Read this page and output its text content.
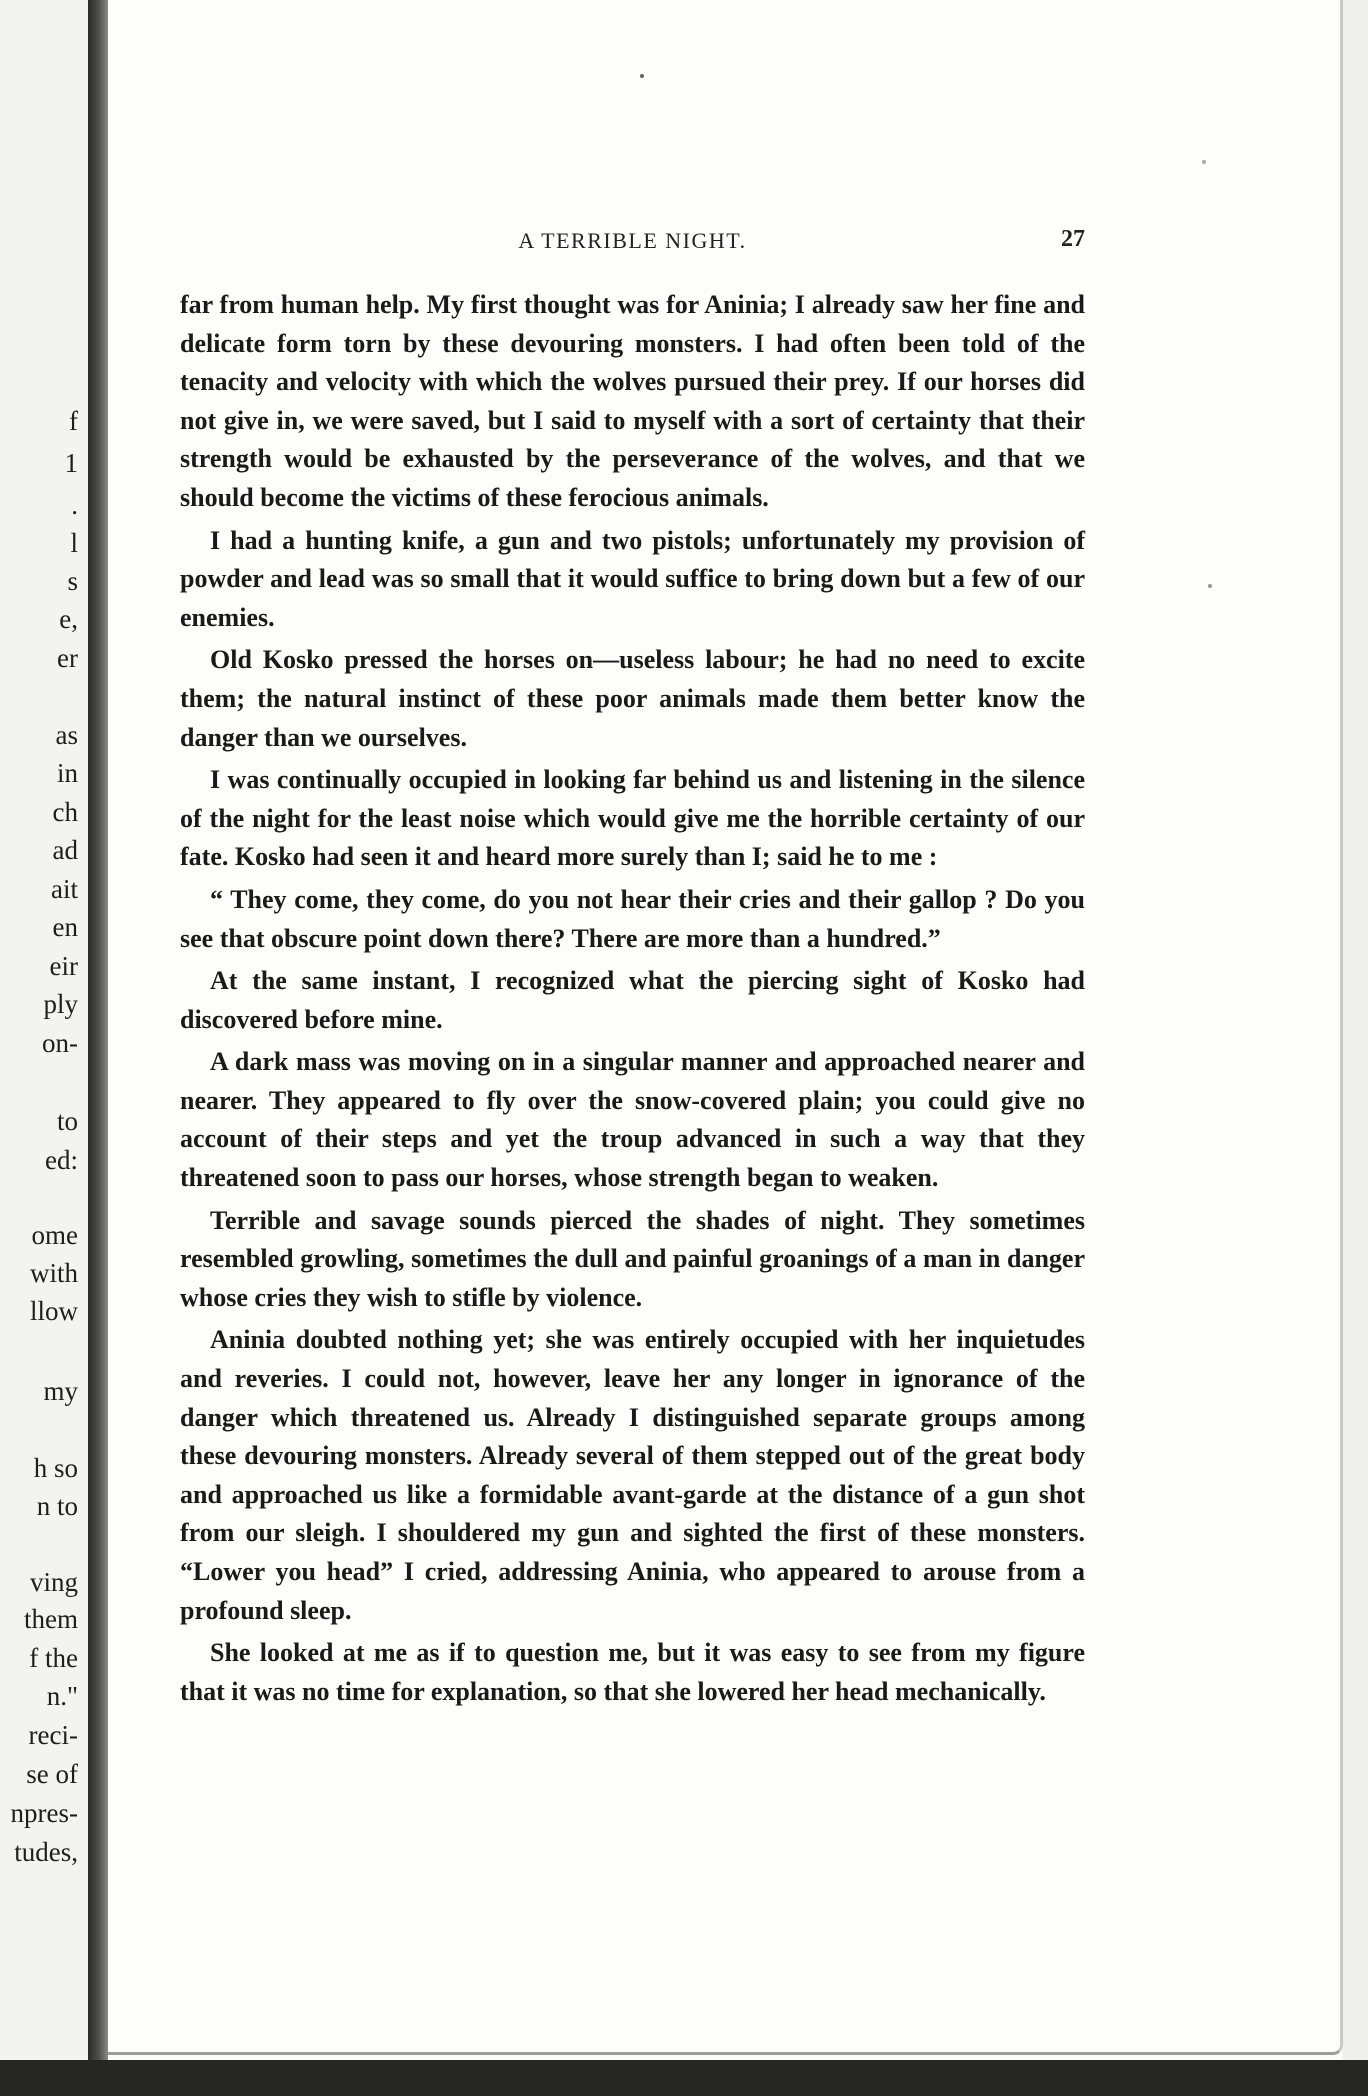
f

1

.

l

s

e,

er

as

in

ch

ad

ait

en

eir

ply

on-

to

ed:

ome

with

llow

my

h so

n to

ving

them

f the

n."

reci-

se of

npres-

tudes,

A TERRIBLE NIGHT.	27

far from human help. My first thought was for Aninia; I already saw her fine and delicate form torn by these devouring monsters. I had often been told of the tenacity and velocity with which the wolves pursued their prey. If our horses did not give in, we were saved, but I said to myself with a sort of certainty that their strength would be exhausted by the perseverance of the wolves, and that we should become the victims of these ferocious animals.

I had a hunting knife, a gun and two pistols; unfortunately my provision of powder and lead was so small that it would suffice to bring down but a few of our enemies.

Old Kosko pressed the horses on—useless labour; he had no need to excite them; the natural instinct of these poor animals made them better know the danger than we ourselves.

I was continually occupied in looking far behind us and listening in the silence of the night for the least noise which would give me the horrible certainty of our fate. Kosko had seen it and heard more surely than I; said he to me :

“ They come, they come, do you not hear their cries and their gallop ? Do you see that obscure point down there? There are more than a hundred.”

At the same instant, I recognized what the piercing sight of Kosko had discovered before mine.

A dark mass was moving on in a singular manner and approached nearer and nearer. They appeared to fly over the snow-covered plain; you could give no account of their steps and yet the troup advanced in such a way that they threatened soon to pass our horses, whose strength began to weaken.

Terrible and savage sounds pierced the shades of night. They sometimes resembled growling, sometimes the dull and painful groanings of a man in danger whose cries they wish to stifle by violence.

Aninia doubted nothing yet; she was entirely occupied with her inquietudes and reveries. I could not, however, leave her any longer in ignorance of the danger which threatened us. Already I distinguished separate groups among these devouring monsters. Already several of them stepped out of the great body and approached us like a formidable avant-garde at the distance of a gun shot from our sleigh. I shouldered my gun and sighted the first of these monsters. “Lower you head” I cried, addressing Aninia, who appeared to arouse from a profound sleep.

She looked at me as if to question me, but it was easy to see from my figure that it was no time for explanation, so that she lowered her head mechanically.
